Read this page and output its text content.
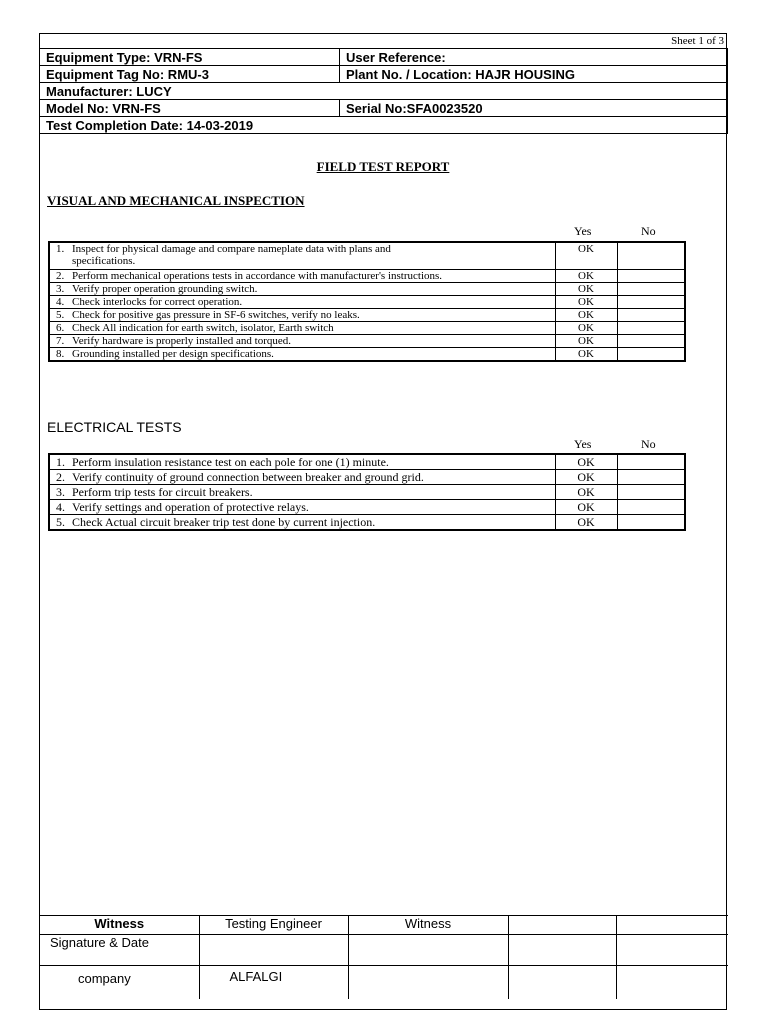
Sheet 1 of 3
Equipment Type: VRN-FS	User Reference:
Equipment Tag No: RMU-3	Plant No. / Location: HAJR HOUSING
Manufacturer: LUCY	
Model No: VRN-FS	Serial No:SFA0023520
Test Completion Date: 14-03-2019	
FIELD TEST REPORT
VISUAL AND MECHANICAL INSPECTION
Yes	No
1. Inspect for physical damage and compare nameplate data with plans and
specifications.	OK	
2. Perform mechanical operations tests in accordance with manufacturer's instructions.	OK	
3. Verify proper operation grounding switch.	OK	
4. Check interlocks for correct operation.	OK	
5. Check for positive gas pressure in SF-6 switches, verify no leaks.	OK	
6. Check All indication for earth switch, isolator, Earth switch	OK	
7. Verify hardware is properly installed and torqued.	OK	
8. Grounding installed per design specifications.	OK	
ELECTRICAL TESTS
Yes	No
1. Perform insulation resistance test on each pole for one (1) minute.	OK	
2. Verify continuity of ground connection between breaker and ground grid.	OK	
3. Perform trip tests for circuit breakers.	OK	
4. Verify settings and operation of protective relays.	OK	
5. Check Actual circuit breaker trip test done by current injection.	OK	
Witness	Testing Engineer	Witness		
Signature & Date				
company	ALFALGI			
